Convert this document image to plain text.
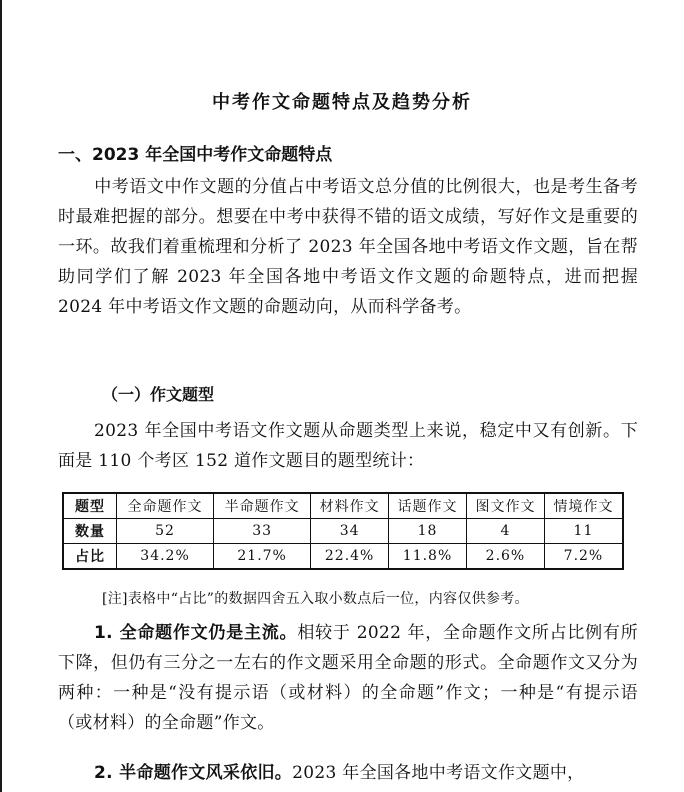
中考作文命题特点及趋势分析
一、2023 年全国中考作文命题特点
中考语文中作文题的分值占中考语文总分值的比例很大，也是考生备考时最难把握的部分。想要在中考中获得不错的语文成绩，写好作文是重要的一环。故我们着重梳理和分析了 2023 年全国各地中考语文作文题，旨在帮助同学们了解 2023 年全国各地中考语文作文题的命题特点，进而把握 2024 年中考语文作文题的命题动向，从而科学备考。
（一）作文题型
2023 年全国中考语文作文题从命题类型上来说，稳定中又有创新。下面是 110 个考区 152 道作文题目的题型统计：
题型	全命题作文	半命题作文	材料作文	话题作文	图文作文	情境作文
数量	52	33	34	18	4	11
占比	34.2%	21.7%	22.4%	11.8%	2.6%	7.2%
[注]表格中“占比”的数据四舍五入取小数点后一位，内容仅供参考。
1. 全命题作文仍是主流。相较于 2022 年，全命题作文所占比例有所下降，但仍有三分之一左右的作文题采用全命题的形式。全命题作文又分为两种：一种是“没有提示语（或材料）的全命题”作文；一种是“有提示语（或材料）的全命题”作文。
2. 半命题作文风采依旧。2023 年全国各地中考语文作文题中，
